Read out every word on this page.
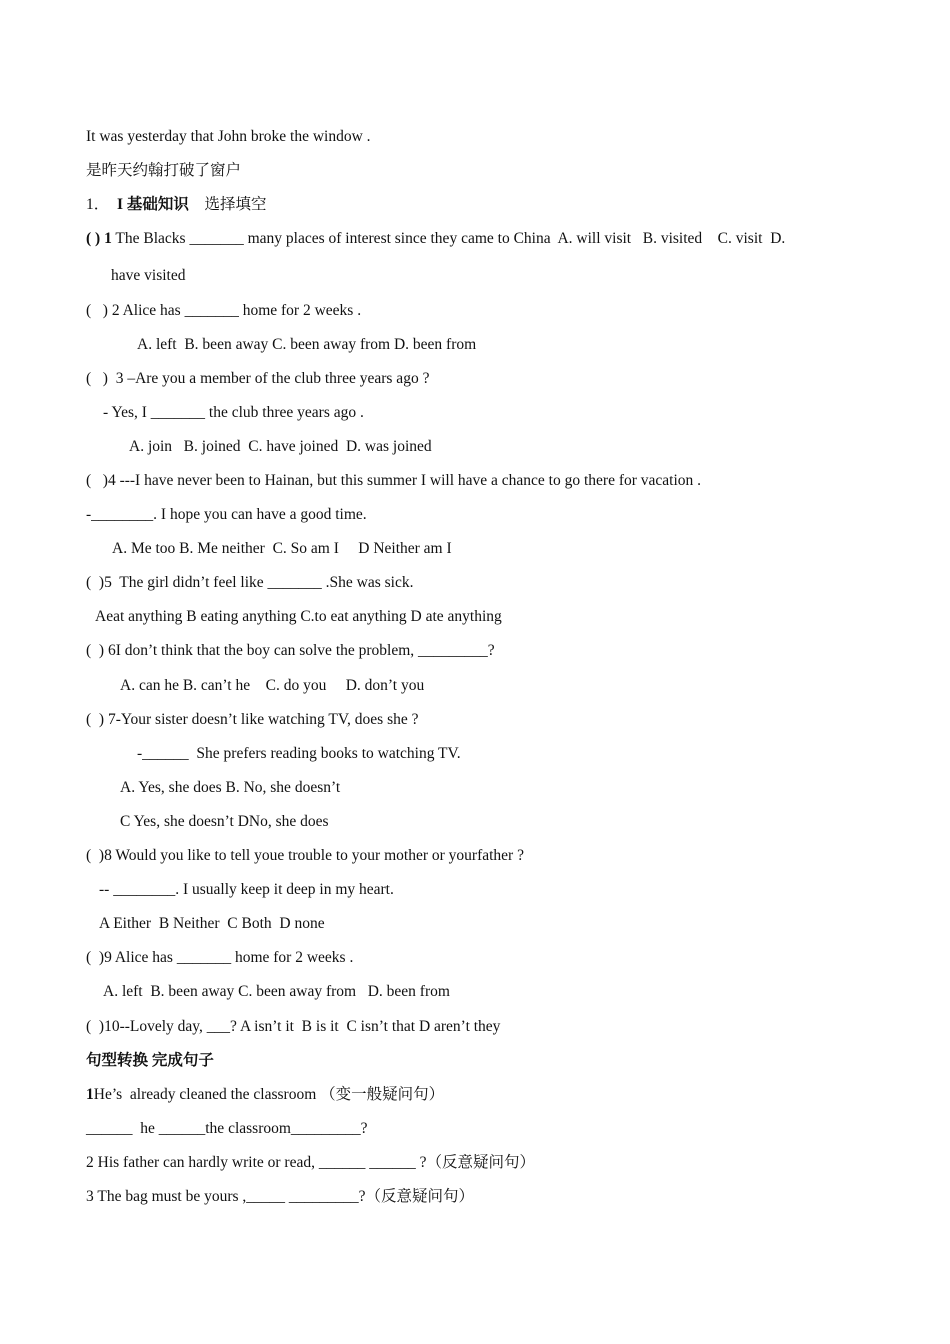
It was yesterday that John broke the window .
是昨天约翰打破了窗户
1． I 基础知识 选择填空
( ) 1 The Blacks _______ many places of interest since they came to China  A. will visit   B. visited    C. visit  D.
have visited
(   ) 2 Alice has _______ home for 2 weeks .
A. left  B. been away C. been away from D. been from
(   )  3 –Are you a member of the club three years ago ?
- Yes, I _______ the club three years ago .
A. join   B. joined  C. have joined  D. was joined
(   )4 ---I have never been to Hainan, but this summer I will have a chance to go there for vacation .
-________. I hope you can have a good time.
A. Me too B. Me neither  C. So am I     D Neither am I
(  )5  The girl didn’t feel like _______ .She was sick.
Aeat anything B eating anything C.to eat anything D ate anything
(  ) 6I don’t think that the boy can solve the problem, _________?
A. can he B. can’t he    C. do you     D. don’t you
(  ) 7-Your sister doesn’t like watching TV, does she ?
-______  She prefers reading books to watching TV.
A. Yes, she does B. No, she doesn’t
C Yes, she doesn’t DNo, she does
(  )8 Would you like to tell youe trouble to your mother or yourfather ?
-- ________. I usually keep it deep in my heart.
A Either  B Neither  C Both  D none
(  )9 Alice has _______ home for 2 weeks .
A. left  B. been away C. been away from   D. been from
(  )10--Lovely day, ___? A isn’t it  B is it  C isn’t that D aren’t they
句型转换 完成句子
1He’s  already cleaned the classroom （变一般疑问句）
______  he ______the classroom_________?
2 His father can hardly write or read, ______ ______ ?（反意疑问句）
3 The bag must be yours ,_____ _________?（反意疑问句）
